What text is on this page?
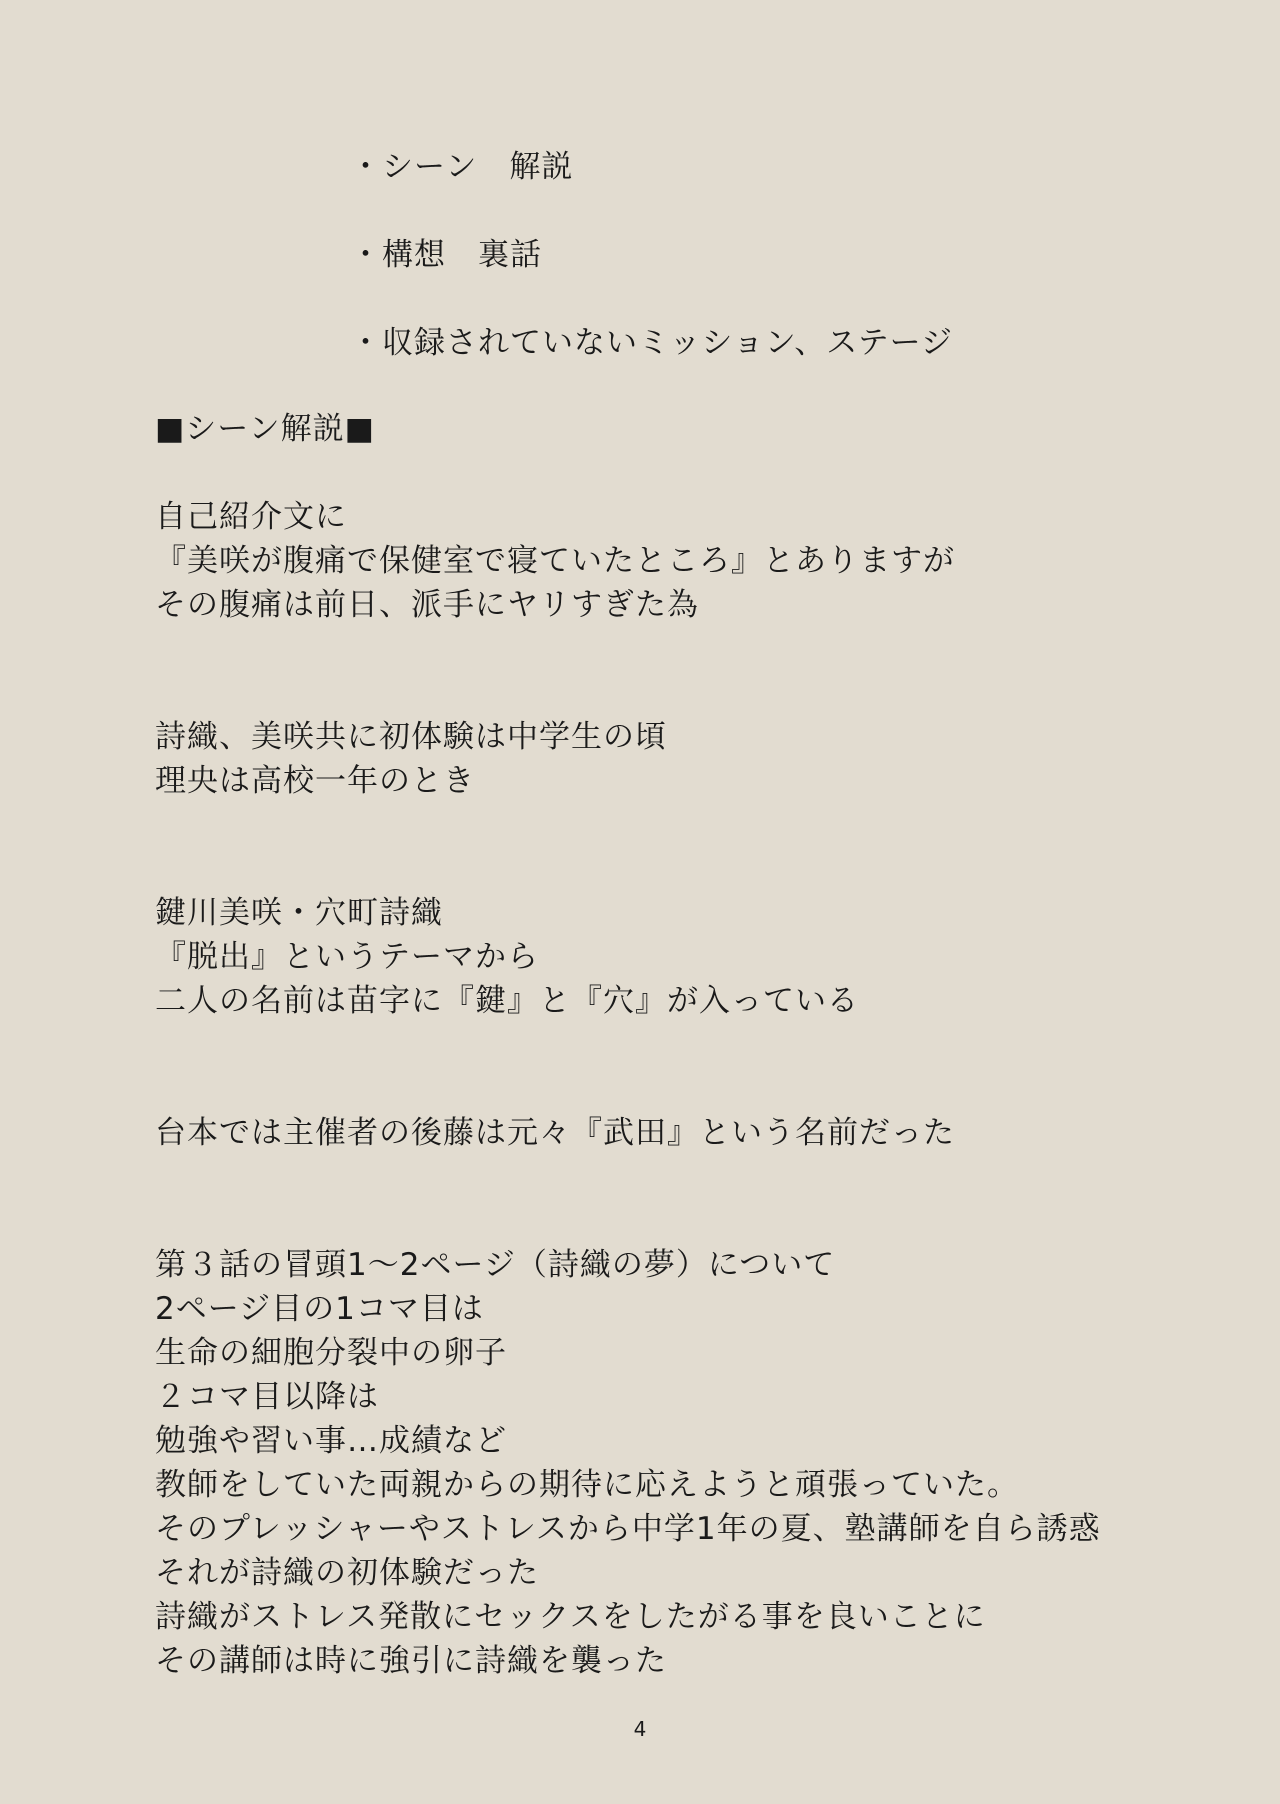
・シーン　解説
・構想　裏話
・収録されていないミッション、ステージ
■シーン解説■
自己紹介文に
『美咲が腹痛で保健室で寝ていたところ』とありますが
その腹痛は前日、派手にヤリすぎた為
詩織、美咲共に初体験は中学生の頃
理央は高校一年のとき
鍵川美咲・穴町詩織
『脱出』というテーマから
二人の名前は苗字に『鍵』と『穴』が入っている
台本では主催者の後藤は元々『武田』という名前だった
第３話の冒頭1～2ページ（詩織の夢）について
2ページ目の1コマ目は
生命の細胞分裂中の卵子
２コマ目以降は
勉強や習い事…成績など
教師をしていた両親からの期待に応えようと頑張っていた。
そのプレッシャーやストレスから中学1年の夏、塾講師を自ら誘惑
それが詩織の初体験だった
詩織がストレス発散にセックスをしたがる事を良いことに
その講師は時に強引に詩織を襲った
4
